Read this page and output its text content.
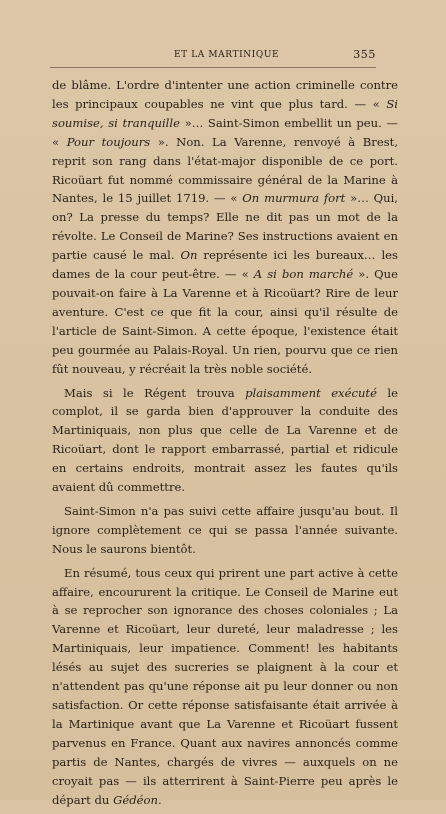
ET LA MARTINIQUE	355

de blâme. L'ordre d'intenter une action criminelle contre les principaux coupables ne vint que plus tard. — « Si soumise, si tranquille »… Saint-Simon embellit un peu. — « Pour toujours ». Non. La Varenne, renvoyé à Brest, reprit son rang dans l'état-major disponible de ce port. Ricoüart fut nommé commissaire général de la Marine à Nantes, le 15 juillet 1719. — « On murmura fort »… Qui, on? La presse du temps? Elle ne dit pas un mot de la révolte. Le Conseil de Marine? Ses instructions avaient en partie causé le mal. On représente ici les bureaux… les dames de la cour peut-être. — « A si bon marché ». Que pouvait-on faire à La Varenne et à Ricoüart? Rire de leur aventure. C'est ce que fit la cour, ainsi qu'il résulte de l'article de Saint-Simon. A cette époque, l'existence était peu gourmée au Palais-Royal. Un rien, pourvu que ce rien fût nouveau, y récréait la très noble société.

Mais si le Régent trouva plaisamment exécuté le complot, il se garda bien d'approuver la conduite des Martiniquais, non plus que celle de La Varenne et de Ricoüart, dont le rapport embarrassé, partial et ridicule en certains endroits, montrait assez les fautes qu'ils avaient dû commettre.

Saint-Simon n'a pas suivi cette affaire jusqu'au bout. Il ignore complètement ce qui se passa l'année suivante. Nous le saurons bientôt.

En résumé, tous ceux qui prirent une part active à cette affaire, encoururent la critique. Le Conseil de Marine eut à se reprocher son ignorance des choses coloniales ; La Varenne et Ricoüart, leur dureté, leur maladresse ; les Martiniquais, leur impatience. Comment! les habitants lésés au sujet des sucreries se plaignent à la cour et n'attendent pas qu'une réponse ait pu leur donner ou non satisfaction. Or cette réponse satisfaisante était arrivée à la Martinique avant que La Varenne et Ricoüart fussent parvenus en France. Quant aux navires annoncés comme partis de Nantes, chargés de vivres — auxquels on ne croyait pas — ils atterrirent à Saint-Pierre peu après le départ du Gédéon.
